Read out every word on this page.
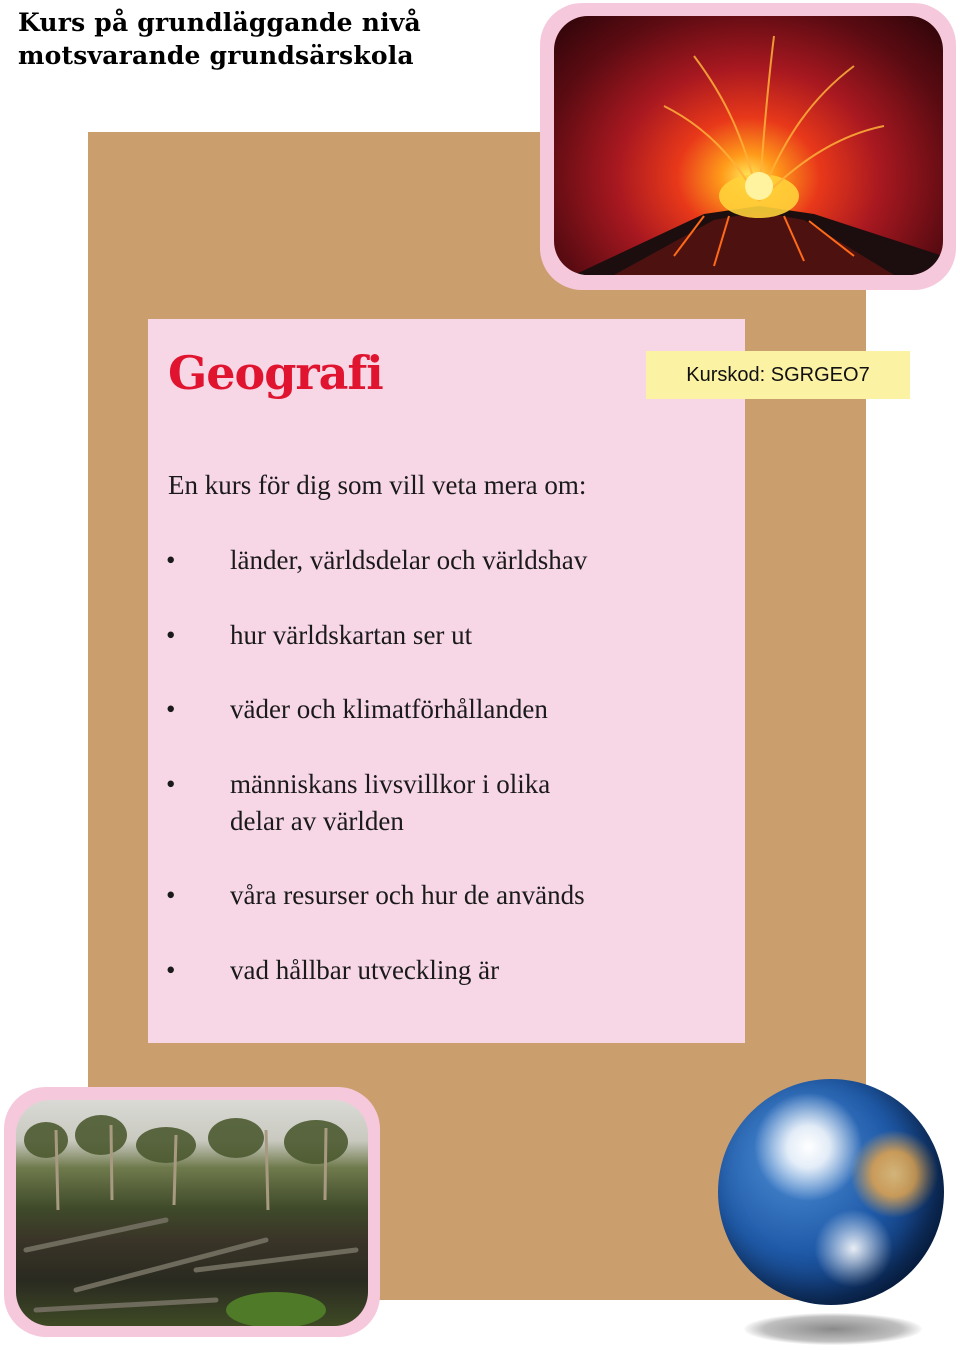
Kurs på grundläggande nivå
motsvarande grundsärskola
Geografi	Kurskod: SGRGEO7
En kurs för dig som vill veta mera om:
• länder, världsdelar och världshav
• hur världskartan ser ut
• väder och klimatförhållanden
• människans livsvillkor i olika
delar av världen
• våra resurser och hur de används
• vad hållbar utveckling är
